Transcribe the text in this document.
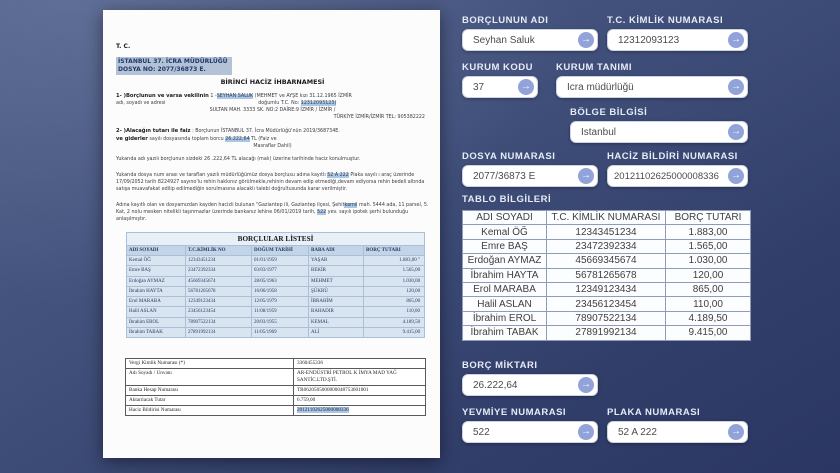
T. C.
İSTANBUL 37. İCRA MÜDÜRLÜĞÜ
DOSYA NO: 2077/36873 E.
BİRİNCİ HACİZ İHBARNAMESİ
1- )Borçlunun ve varsa vekilinin 1 -SEYHAN SALUK (MEHMET ve AYŞE kızı 31.12.1965 İZMİR
adı, soyadı ve adresi	doğumlu T.C. No: 12312093123)
SULTAN MAH. 3333 SK. NO:2 DAİRE:9 İZMİR / İZMİR /
TÜRKİYE İZMİR/İZMİR TEL: 905382222
2- )Alacağın tutarı ile faiz : Borçlunun İSTANBUL 37. İcra Müdürlüğü'nün 2019/368734E.
ve giderler sayılı dosyasında toplam borcu 26.222,64 TL (Faiz ve
Masraflar Dahil)
Yukarıda adı yazılı borçlunun sizdeki 26 .222,64 TL alacağı (malı) üzerine tarihinde haciz konulmuştur.
Yukarıda dosya num arası ve tarafları yazılı müdürlüğümüz dosya borçlusu adına kayıtlı 52 A 222 Plaka sayılı ı araç üzerinde 17/09/2052 tarih 8224927 sayıno'lu rehin hakkınız görülmekle,rehinin devam edip etmediği,devam ediyorsa rehin bedeli altında satışa muavafakat edilip edilmediğin sorulmasına alacaklı talebi doğrultusunda karar verilmiştir.
Adına kayıtlı olan ve dosyamızdan kayden hacizli bulunan "Gaziantep ili, Gaziantep ilçesi, Şehitkamil mah. 5444 ada, 11 parsel, 5. Kat, 2 nolu mesken nitelikli taşınmazlar üzerinde bankanız lehine 06/01/2019 tarih, 522 yev. sayılı ipotek şerhi bulunduğu anlaşılmıştır.
BORÇLULAR LİSTESİ				
ADI SOYADI	T.C.KİMLİK NO	DOĞUM TARİHİ	BABA ADI	BORÇ TUTARI
Kemal ÖĞ	12343451234	01/01/1959	YAŞAR	1.883,00 "
Emre BAŞ	23472392334	03/03/1977	BEKİR	1.565,00
Erdoğan AYMAZ	45669345674	28/05/1963	MEHMET	1.030,00
İbrahim HAYTA	56781265678	16/06/1958	ŞÜKRÜ	120,00
Erol MARABA	12349123434	12/05/1979	İBRAHİM	865,00
Halil ASLAN	23456123454	11/08/1959	BAHADIR	110,00
İbrahim EROL	78907522134	20/03/1955	KEMAL	4.189,50
İbrahim TABAK	27891992134	11/05/1969	ALİ	9.415,00
Vergi Kimlik Numarası (*)	3360455336
Adı Soyadı / Unvanı	AR-ENDÜSTRİ PETROL K İMYA MAD YAĞ SANTİC.LTD.ŞTİ.
Banka Hesap Numarası	TR0620505000000048753601001
Aktarılacak Tutar	6.759,00
Haciz Bildirisi Numarası	20121102625000008336
BORÇLUNUN ADI
Seyhan Saluk	→
T.C. KİMLİK NUMARASI
12312093123	→
KURUM KODU
37	→
KURUM TANIMI
İcra müdürlüğü	→
BÖLGE BİLGİSİ
İstanbul	→
DOSYA NUMARASI
2077/36873 E	→
HACİZ BİLDİRİ NUMARASI
20121102625000008336 →
TABLO BİLGİLERİ
ADI SOYADI	T.C. KİMLİK NUMARASI	BORÇ TUTARI
Kemal ÖĞ	12343451234	1.883,00
Emre BAŞ	23472392334	1.565,00
Erdoğan AYMAZ	45669345674	1.030,00
İbrahim HAYTA	56781265678	120,00
Erol MARABA	12349123434	865,00
Halil ASLAN	23456123454	110,00
İbrahim EROL	78907522134	4.189,50
İbrahim TABAK	27891992134	9.415,00
BORÇ MİKTARI
26.222,64	→
YEVMİYE NUMARASI
522	→
PLAKA NUMARASI
52 A 222	→
